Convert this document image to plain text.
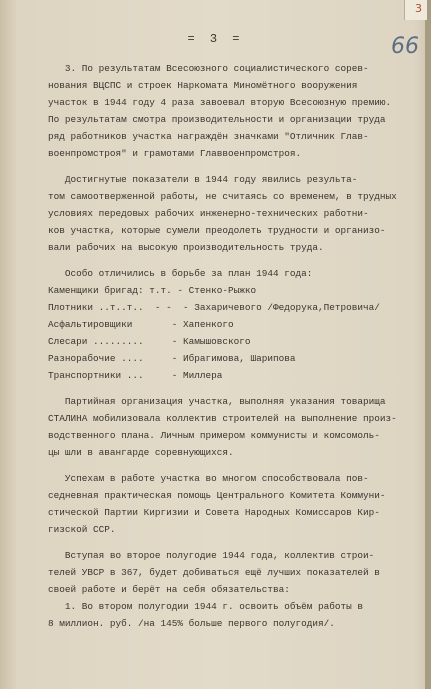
3
66
= 3 =
3. По результатам Всесоюзного социалистического сорев-
нования ВЦСПС и строек Наркомата Миномётного вооружения
участок в 1944 году 4 раза завоевал вторую Всесоюзную премию.
По результатам смотра производительности и организации труда
ряд работников участка награждён значками "Отличник Глав-
военпромстроя" и грамотами Главвоенпромстроя.
Достигнутые показатели в 1944 году явились результа-
том самоотверженной работы, не считаясь со временем, в трудных
условиях передовых рабочих инженерно-технических работни-
ков участка, которые сумели преодолеть трудности и организо-
вали рабочих на высокую производительность труда.
Особо отличились в борьбе за план 1944 года:
Каменщики бригад: т.т. - Стенко-Рыжко
Плотники ..т..т..  - -  - Захаричевого /Федорука,Петровича/
Асфальтировщики       - Хапенкого
Слесари .........     - Камышовского
Разнорабочие ....     - Ибрагимова, Шарипова
Транспортники ...     - Миллера
Партийная организация участка, выполняя указания товарища
СТАЛИНА мобилизовала коллектив строителей на выполнение произ-
водственного плана. Личным примером коммунисты и комсомоль-
цы шли в авангарде соревнующихся.
Успехам в работе участка во многом способствовала пов-
седневная практическая помощь Центрального Комитета Коммуни-
стической Партии Киргизии и Совета Народных Комиссаров Кир-
гизской ССР.
Вступая во второе полугодие 1944 года, коллектив строи-
телей УВСР в 367, будет добиваться ещё лучших показателей в
своей работе и берёт на себя обязательства:
1. Во втором полугодии 1944 г. освоить объём работы в
8 миллион. руб. /на 145% больше первого полугодия/.
